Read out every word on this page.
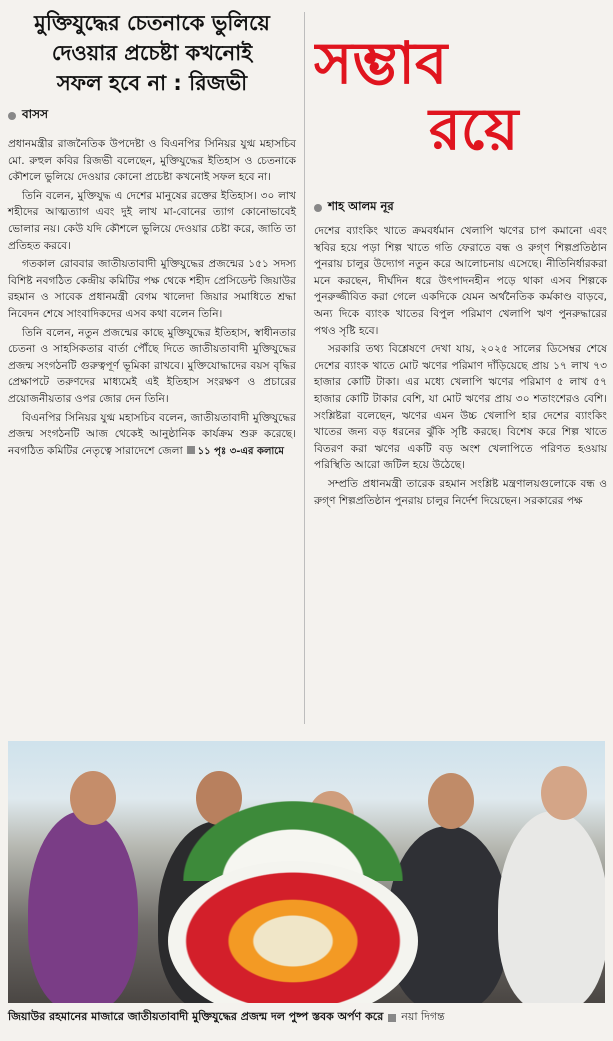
মুক্তিযুদ্ধের চেতনাকে ভুলিয়ে
দেওয়ার প্রচেষ্টা কখনোই
সফল হবে না : রিজভী
বাসস

প্রধানমন্ত্রীর রাজনৈতিক উপদেষ্টা ও বিএনপির সিনিয়র যুগ্ম মহাসচিব মো. রুহুল কবির রিজভী বলেছেন, মুক্তিযুদ্ধের ইতিহাস ও চেতনাকে কৌশলে ভুলিয়ে দেওয়ার কোনো প্রচেষ্টা কখনোই সফল হবে না।

তিনি বলেন, মুক্তিযুদ্ধ এ দেশের মানুষের রক্তের ইতিহাস। ৩০ লাখ শহীদের আত্মত্যাগ এবং দুই লাখ মা-বোনের ত্যাগ কোনোভাবেই ভোলার নয়। কেউ যদি কৌশলে ভুলিয়ে দেওয়ার চেষ্টা করে, জাতি তা প্রতিহত করবে।

গতকাল রোববার জাতীয়তাবাদী মুক্তিযুদ্ধের প্রজন্মের ১৫১ সদস্য বিশিষ্ট নবগঠিত কেন্দ্রীয় কমিটির পক্ষ থেকে শহীদ প্রেসিডেন্ট জিয়াউর রহমান ও সাবেক প্রধানমন্ত্রী বেগম খালেদা জিয়ার সমাধিতে শ্রদ্ধা নিবেদন শেষে সাংবাদিকদের এসব কথা বলেন তিনি।

তিনি বলেন, নতুন প্রজন্মের কাছে মুক্তিযুদ্ধের ইতিহাস, স্বাধীনতার চেতনা ও সাহসিকতার বার্তা পৌঁছে দিতে জাতীয়তাবাদী মুক্তিযুদ্ধের প্রজন্ম সংগঠনটি গুরুত্বপূর্ণ ভূমিকা রাখবে। মুক্তিযোদ্ধাদের বয়স বৃদ্ধির প্রেক্ষাপটে তরুণদের মাধ্যমেই এই ইতিহাস সংরক্ষণ ও প্রচারের প্রয়োজনীয়তার ওপর জোর দেন তিনি।

বিএনপির সিনিয়র যুগ্ম মহাসচিব বলেন, জাতীয়তাবাদী মুক্তিযুদ্ধের প্রজন্ম সংগঠনটি আজ থেকেই আনুষ্ঠানিক কার্যক্রম শুরু করেছে। নবগঠিত কমিটির নেতৃত্বে সারাদেশে জেলা ১১ পৃঃ ৩-এর কলামে

সম্ভাব
রয়ে
শাহ আলম নূর

দেশের ব্যাংকিং খাতে ক্রমবর্ধমান খেলাপি ঋণের চাপ কমানো এবং স্থবির হয়ে পড়া শিল্প খাতে গতি ফেরাতে বন্ধ ও রুগ্ণ শিল্পপ্রতিষ্ঠান পুনরায় চালুর উদ্যোগ নতুন করে আলোচনায় এসেছে। নীতিনির্ধারকরা মনে করছেন, দীর্ঘদিন ধরে উৎপাদনহীন পড়ে থাকা এসব শিল্পকে পুনরুজ্জীবিত করা গেলে একদিকে যেমন অর্থনৈতিক কর্মকাণ্ড বাড়বে, অন্য দিকে ব্যাংক খাতের বিপুল পরিমাণ খেলাপি ঋণ পুনরুদ্ধারের পথও সৃষ্টি হবে।

সরকারি তথ্য বিশ্লেষণে দেখা যায়, ২০২৫ সালের ডিসেম্বর শেষে দেশের ব্যাংক খাতে মোট ঋণের পরিমাণ দাঁড়িয়েছে প্রায় ১৭ লাখ ৭৩ হাজার কোটি টাকা। এর মধ্যে খেলাপি ঋণের পরিমাণ ৫ লাখ ৫৭ হাজার কোটি টাকার বেশি, যা মোট ঋণের প্রায় ৩০ শতাংশেরও বেশি। সংশ্লিষ্টরা বলেছেন, ঋণের এমন উচ্চ খেলাপি হার দেশের ব্যাংকিং খাতের জন্য বড় ধরনের ঝুঁকি সৃষ্টি করছে। বিশেষ করে শিল্প খাতে বিতরণ করা ঋণের একটি বড় অংশ খেলাপিতে পরিণত হওয়ায় পরিস্থিতি আরো জটিল হয়ে উঠেছে।

সম্প্রতি প্রধানমন্ত্রী তারেক রহমান সংশ্লিষ্ট মন্ত্রণালয়গুলোকে বন্ধ ও রুগ্ণ শিল্পপ্রতিষ্ঠান পুনরায় চালুর নির্দেশ দিয়েছেন। সরকারের পক্ষ

জিয়াউর রহমানের মাজারে জাতীয়তাবাদী মুক্তিযুদ্ধের প্রজন্ম দল পুষ্প স্তবক অর্পণ করে নয়া দিগন্ত
